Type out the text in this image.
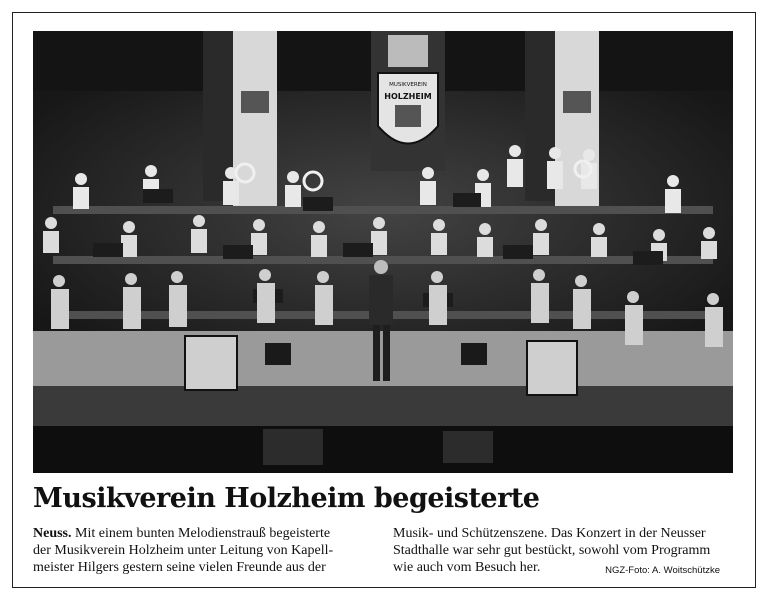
MUSIKVEREIN
HOLZHEIM
Musikverein Holzheim begeisterte
Neuss. Mit einem bunten Melodienstrauß begeisterte
der Musikverein Holzheim unter Leitung von Kapell-
meister Hilgers gestern seine vielen Freunde aus der
Musik- und Schützenszene. Das Konzert in der Neusser
Stadthalle war sehr gut bestückt, sowohl vom Programm
wie auch vom Besuch her.	NGZ-Foto: A. Woitschützke
